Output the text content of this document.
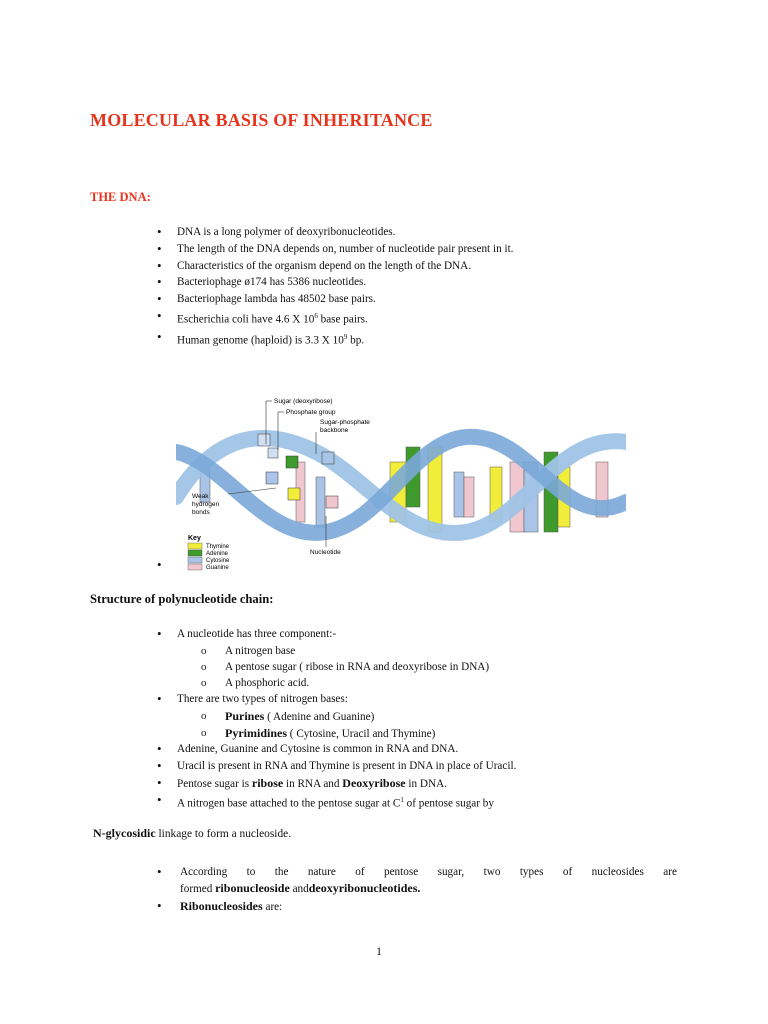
MOLECULAR BASIS OF INHERITANCE
THE DNA:
• DNA is a long polymer of deoxyribonucleotides.
• The length of the DNA depends on, number of nucleotide pair present in it.
• Characteristics of the organism depend on the length of the DNA.
• Bacteriophage ø174 has 5386 nucleotides.
• Bacteriophage lambda has 48502 base pairs.
• Escherichia coli have 4.6 X $10^6$ base pairs.
• Human genome (haploid) is 3.3 X $10^9$ bp.
Sugar (deoxyribose)
Phosphate group
Sugar-phosphate
backbone
Weak
hydrogen
bonds
Nucleotide
Key
Thymine
Adenine
Cytosine
Guanine
•
Structure of polynucleotide chain:
• A nucleotide has three component:-
o A nitrogen base
o A pentose sugar ( ribose in RNA and deoxyribose in DNA)
o A phosphoric acid.
• There are two types of nitrogen bases:
o Purines ( Adenine and Guanine)
o Pyrimidines ( Cytosine, Uracil and Thymine)
• Adenine, Guanine and Cytosine is common in RNA and DNA.
• Uracil is present in RNA and Thymine is present in DNA in place of Uracil.
• Pentose sugar is ribose in RNA and Deoxyribose in DNA.
• A nitrogen base attached to the pentose sugar at $C^1$ of pentose sugar by
N-glycosidic linkage to form a nucleoside.
• According to the nature of pentose sugar, two types of nucleosides are
formed ribonucleoside anddeoxyribonucleotides.
• Ribonucleosides are:
1
